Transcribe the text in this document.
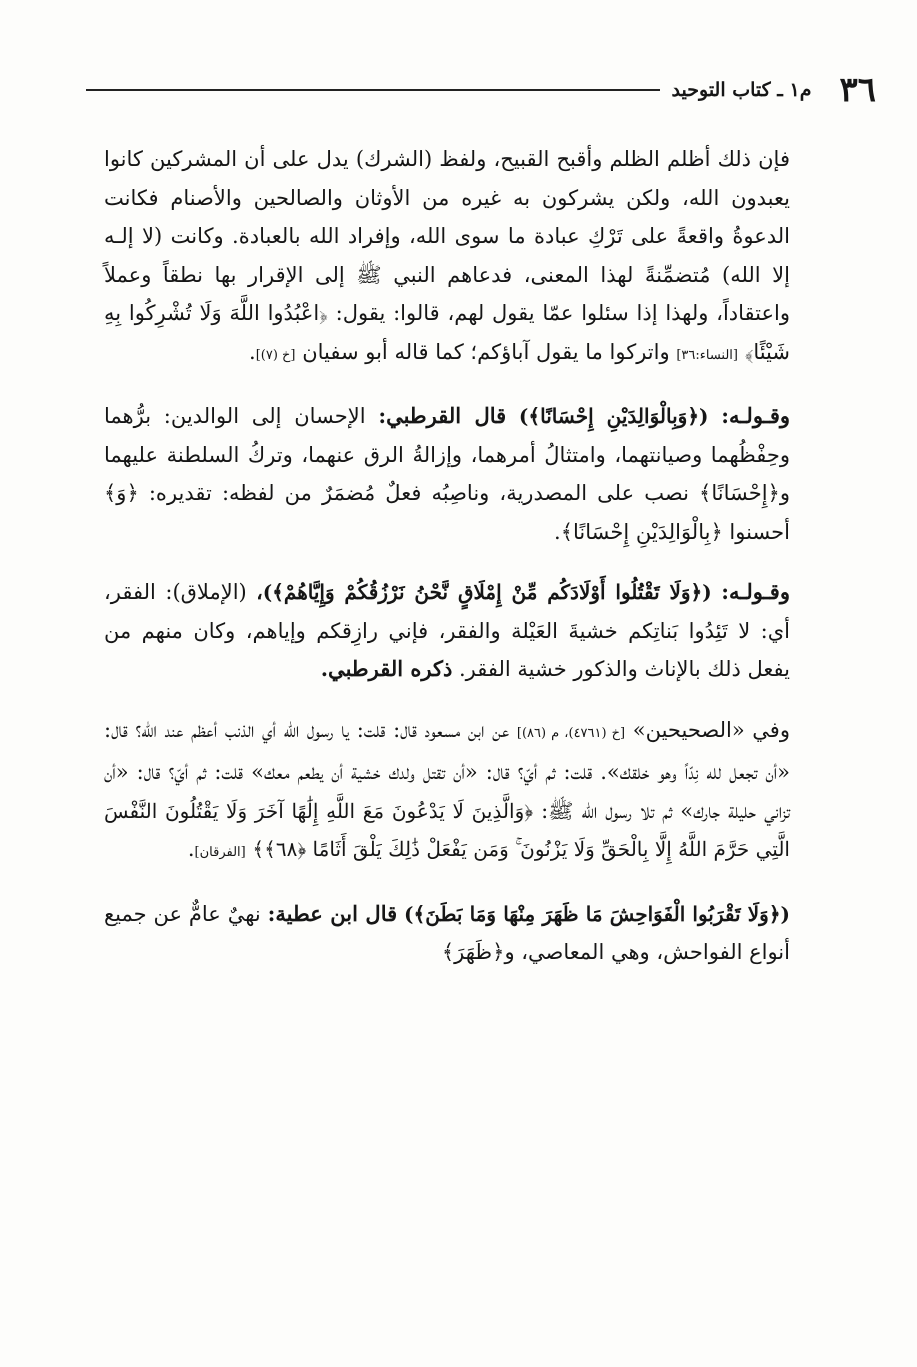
٣٦
م١ ـ كتاب التوحيد

فإن ذلك أظلم الظلم وأقبح القبيح، ولفظ (الشرك) يدل على أن المشركين كانوا يعبدون الله، ولكن يشركون به غيره من الأوثان والصالحين والأصنام فكانت الدعوةُ واقعةً على تَرْكِ عبادة ما سوى الله، وإفراد الله بالعبادة. وكانت (لا إلـه إلا الله) مُتضمِّنةً لهذا المعنى، فدعاهم النبي ﷺ إلى الإقرار بها نطقاً وعملاً واعتقاداً، ولهذا إذا سئلوا عمّا يقول لهم، قالوا: يقول: ﴿اعْبُدُوا اللَّهَ وَلَا تُشْرِكُوا بِهِ شَيْئًا﴾ [النساء:٣٦] واتركوا ما يقول آباؤكم؛ كما قاله أبو سفيان [خ (٧)].

وقـولـه: (﴿وَبِالْوَالِدَيْنِ إِحْسَانًا﴾) قال القرطبي: الإحسان إلى الوالدين: برُّهما وحِفْظُهما وصيانتهما، وامتثالُ أمرهما، وإزالةُ الرق عنهما، وتركُ السلطنة عليهما و﴿إِحْسَانًا﴾ نصب على المصدرية، وناصِبُه فعلٌ مُضمَرٌ من لفظه: تقديره: ﴿وَ﴾ أحسنوا ﴿بِالْوَالِدَيْنِ إِحْسَانًا﴾.

وقـولـه: (﴿وَلَا تَقْتُلُوا أَوْلَادَكُم مِّنْ إِمْلَاقٍ نَّحْنُ نَرْزُقُكُمْ وَإِيَّاهُمْ﴾)، (الإملاق): الفقر، أي: لا تَئِدُوا بَناتِكم خشيةَ العَيْلة والفقر، فإني رازِقكم وإياهم، وكان منهم من يفعل ذلك بالإناث والذكور خشية الفقر. ذكره القرطبي.

وفي «الصحيحين» [خ (٤٧٦١)، م (٨٦)] عن ابن مسعود قال: قلت: يا رسول الله أي الذنب أعظم عند الله؟ قال: «أن تجعل لله نِدّاً وهو خلقك». قلت: ثم أيّ؟ قال: «أن تقتل ولدك خشية أن يطعم معك» قلت: ثم أيّ؟ قال: «أن تزاني حليلة جارك» ثم تلا رسول الله ﷺ: ﴿وَالَّذِينَ لَا يَدْعُونَ مَعَ اللَّهِ إِلَٰهًا آخَرَ وَلَا يَقْتُلُونَ النَّفْسَ الَّتِي حَرَّمَ اللَّهُ إِلَّا بِالْحَقِّ وَلَا يَزْنُونَ ۚ وَمَن يَفْعَلْ ذَٰلِكَ يَلْقَ أَثَامًا ﴿٦٨﴾﴾ [الفرقان].

(﴿وَلَا تَقْرَبُوا الْفَوَاحِشَ مَا ظَهَرَ مِنْهَا وَمَا بَطَنَ﴾) قال ابن عطية: نهيٌ عامٌّ عن جميع أنواع الفواحش، وهي المعاصي، و﴿ظَهَرَ﴾
